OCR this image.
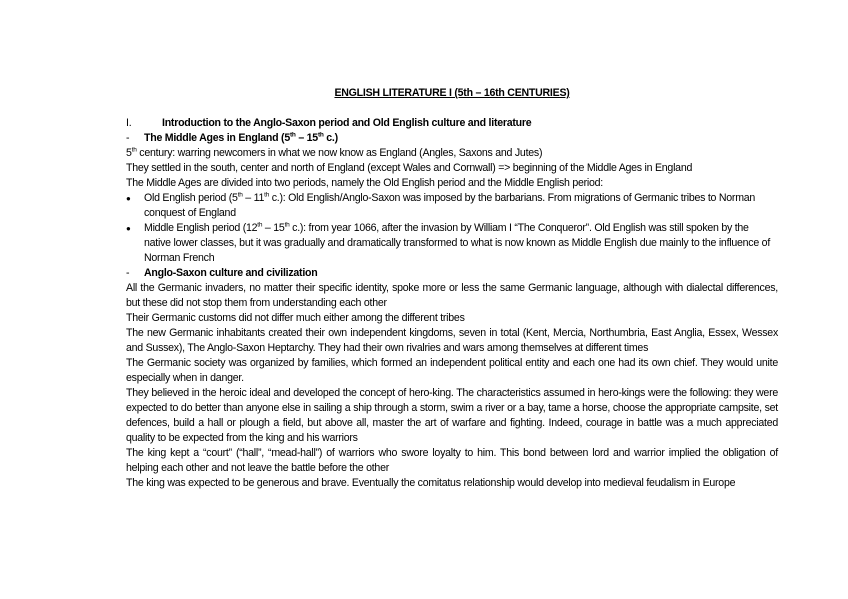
ENGLISH LITERATURE I (5th – 16th CENTURIES)
I.	Introduction to the Anglo-Saxon period and Old English culture and literature
-	The Middle Ages in England (5th – 15th c.)

5th century: warring newcomers in what we now know as England (Angles, Saxons and Jutes)

They settled in the south, center and north of England (except Wales and Cornwall) => beginning of the Middle Ages in England

The Middle Ages are divided into two periods, namely the Old English period and the Middle English period:

●	Old English period (5th – 11th c.): Old English/Anglo-Saxon was imposed by the barbarians. From migrations of Germanic tribes to Norman conquest of England
●	Middle English period (12th – 15th c.): from year 1066, after the invasion by William I “The Conqueror”. Old English was still spoken by the native lower classes, but it was gradually and dramatically transformed to what is now known as Middle English due mainly to the influence of Norman French
-	Anglo-Saxon culture and civilization

All the Germanic invaders, no matter their specific identity, spoke more or less the same Germanic language, although with dialectal differences, but these did not stop them from understanding each other

Their Germanic customs did not differ much either among the different tribes

The new Germanic inhabitants created their own independent kingdoms, seven in total (Kent, Mercia, Northumbria, East Anglia, Essex, Wessex and Sussex), The Anglo-Saxon Heptarchy. They had their own rivalries and wars among themselves at different times

The Germanic society was organized by families, which formed an independent political entity and each one had its own chief. They would unite especially when in danger.

They believed in the heroic ideal and developed the concept of hero-king. The characteristics assumed in hero-kings were the following: they were expected to do better than anyone else in sailing a ship through a storm, swim a river or a bay, tame a horse, choose the appropriate campsite, set defences, build a hall or plough a field, but above all, master the art of warfare and fighting. Indeed, courage in battle was a much appreciated quality to be expected from the king and his warriors

The king kept a “court” (“hall”, “mead-hall”) of warriors who swore loyalty to him. This bond between lord and warrior implied the obligation of helping each other and not leave the battle before the other

The king was expected to be generous and brave. Eventually the comitatus relationship would develop into medieval feudalism in Europe
